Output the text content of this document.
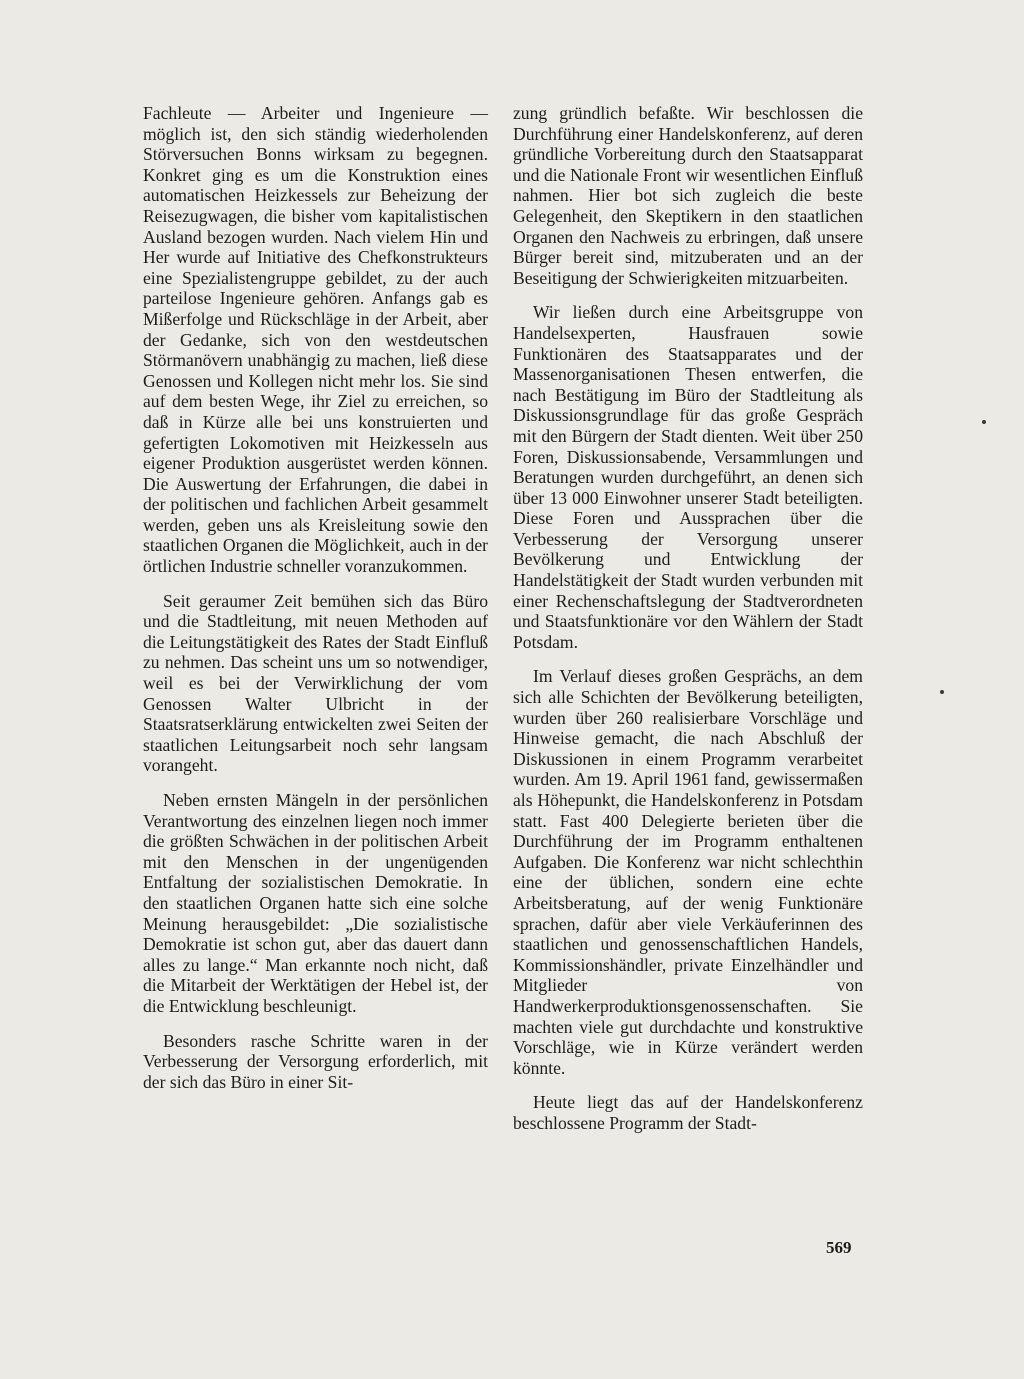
Fachleute — Arbeiter und Ingenieure — möglich ist, den sich ständig wiederholenden Störversuchen Bonns wirksam zu begegnen. Konkret ging es um die Konstruktion eines automatischen Heizkessels zur Beheizung der Reisezugwagen, die bisher vom kapitalistischen Ausland bezogen wurden. Nach vielem Hin und Her wurde auf Initiative des Chefkonstrukteurs eine Spezialistengruppe gebildet, zu der auch parteilose Ingenieure gehören. Anfangs gab es Mißerfolge und Rückschläge in der Arbeit, aber der Gedanke, sich von den westdeutschen Störmanövern unabhängig zu machen, ließ diese Genossen und Kollegen nicht mehr los. Sie sind auf dem besten Wege, ihr Ziel zu erreichen, so daß in Kürze alle bei uns konstruierten und gefertigten Lokomotiven mit Heizkesseln aus eigener Produktion ausgerüstet werden können. Die Auswertung der Erfahrungen, die dabei in der politischen und fachlichen Arbeit gesammelt werden, geben uns als Kreisleitung sowie den staatlichen Organen die Möglichkeit, auch in der örtlichen Industrie schneller voranzukommen.

Seit geraumer Zeit bemühen sich das Büro und die Stadtleitung, mit neuen Methoden auf die Leitungstätigkeit des Rates der Stadt Einfluß zu nehmen. Das scheint uns um so notwendiger, weil es bei der Verwirklichung der vom Genossen Walter Ulbricht in der Staatsratserklärung entwickelten zwei Seiten der staatlichen Leitungsarbeit noch sehr langsam vorangeht.

Neben ernsten Mängeln in der persönlichen Verantwortung des einzelnen liegen noch immer die größten Schwächen in der politischen Arbeit mit den Menschen in der ungenügenden Entfaltung der sozialistischen Demokratie. In den staatlichen Organen hatte sich eine solche Meinung herausgebildet: „Die sozialistische Demokratie ist schon gut, aber das dauert dann alles zu lange.“ Man erkannte noch nicht, daß die Mitarbeit der Werktätigen der Hebel ist, der die Entwicklung beschleunigt.

Besonders rasche Schritte waren in der Verbesserung der Versorgung erforderlich, mit der sich das Büro in einer Sit-

zung gründlich befaßte. Wir beschlossen die Durchführung einer Handelskonferenz, auf deren gründliche Vorbereitung durch den Staatsapparat und die Nationale Front wir wesentlichen Einfluß nahmen. Hier bot sich zugleich die beste Gelegenheit, den Skeptikern in den staatlichen Organen den Nachweis zu erbringen, daß unsere Bürger bereit sind, mitzuberaten und an der Beseitigung der Schwierigkeiten mitzuarbeiten.

Wir ließen durch eine Arbeitsgruppe von Handelsexperten, Hausfrauen sowie Funktionären des Staatsapparates und der Massenorganisationen Thesen entwerfen, die nach Bestätigung im Büro der Stadtleitung als Diskussionsgrundlage für das große Gespräch mit den Bürgern der Stadt dienten. Weit über 250 Foren, Diskussionsabende, Versammlungen und Beratungen wurden durchgeführt, an denen sich über 13 000 Einwohner unserer Stadt beteiligten. Diese Foren und Aussprachen über die Verbesserung der Versorgung unserer Bevölkerung und Entwicklung der Handelstätigkeit der Stadt wurden verbunden mit einer Rechenschaftslegung der Stadtverordneten und Staatsfunktionäre vor den Wählern der Stadt Potsdam.

Im Verlauf dieses großen Gesprächs, an dem sich alle Schichten der Bevölkerung beteiligten, wurden über 260 realisierbare Vorschläge und Hinweise gemacht, die nach Abschluß der Diskussionen in einem Programm verarbeitet wurden. Am 19. April 1961 fand, gewissermaßen als Höhepunkt, die Handelskonferenz in Potsdam statt. Fast 400 Delegierte berieten über die Durchführung der im Programm enthaltenen Aufgaben. Die Konferenz war nicht schlechthin eine der üblichen, sondern eine echte Arbeitsberatung, auf der wenig Funktionäre sprachen, dafür aber viele Verkäuferinnen des staatlichen und genossenschaftlichen Handels, Kommissionshändler, private Einzelhändler und Mitglieder von Handwerkerproduktionsgenossenschaften. Sie machten viele gut durchdachte und konstruktive Vorschläge, wie in Kürze verändert werden könnte.

Heute liegt das auf der Handelskonferenz beschlossene Programm der Stadt-

569
